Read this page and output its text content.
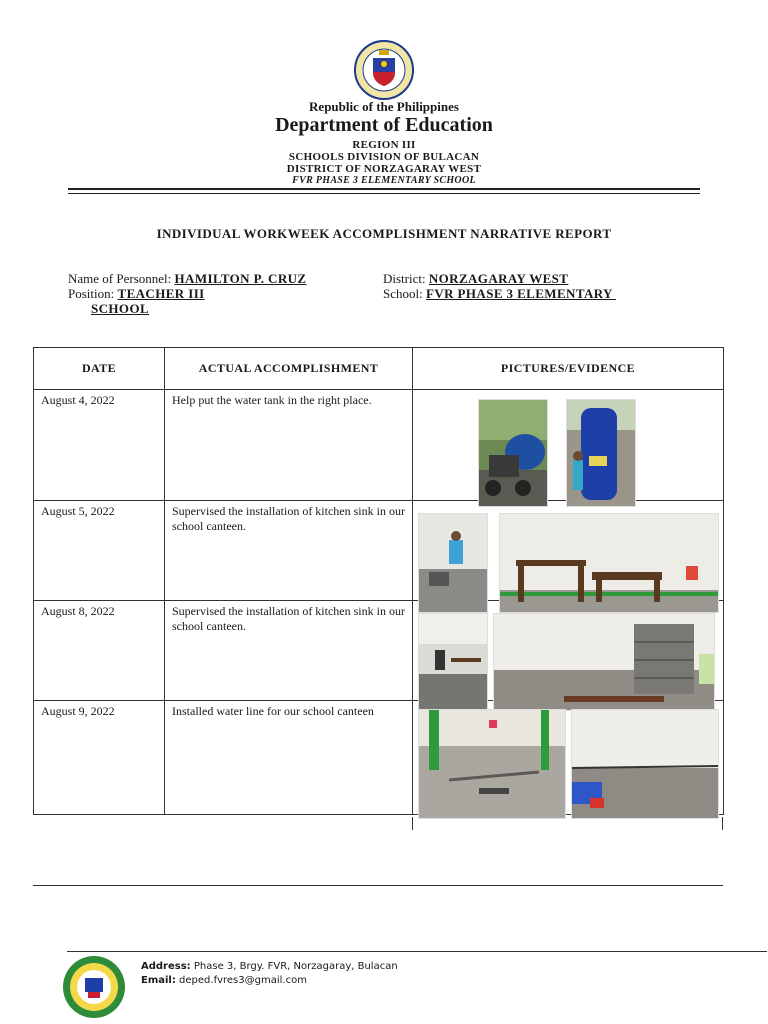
Republic of the Philippines
Department of Education
REGION III
SCHOOLS DIVISION OF BULACAN
DISTRICT OF NORZAGARAY WEST
FVR PHASE 3 ELEMENTARY SCHOOL
INDIVIDUAL WORKWEEK ACCOMPLISHMENT NARRATIVE REPORT
Name of Personnel: HAMILTON P. CRUZ
Position: TEACHER III
SCHOOL
District: NORZAGARAY WEST
School: FVR PHASE 3 ELEMENTARY
DATE	ACTUAL ACCOMPLISHMENT	PICTURES/EVIDENCE

August 4, 2022	Help put the water tank in the right place.

August 5, 2022	Supervised the installation of kitchen sink in our school canteen.

August 8, 2022	Supervised the installation of kitchen sink in our school canteen.

August 9, 2022	Installed water line for our school canteen

Address: Phase 3, Brgy. FVR, Norzagaray, Bulacan
Email: deped.fvres3@gmail.com
